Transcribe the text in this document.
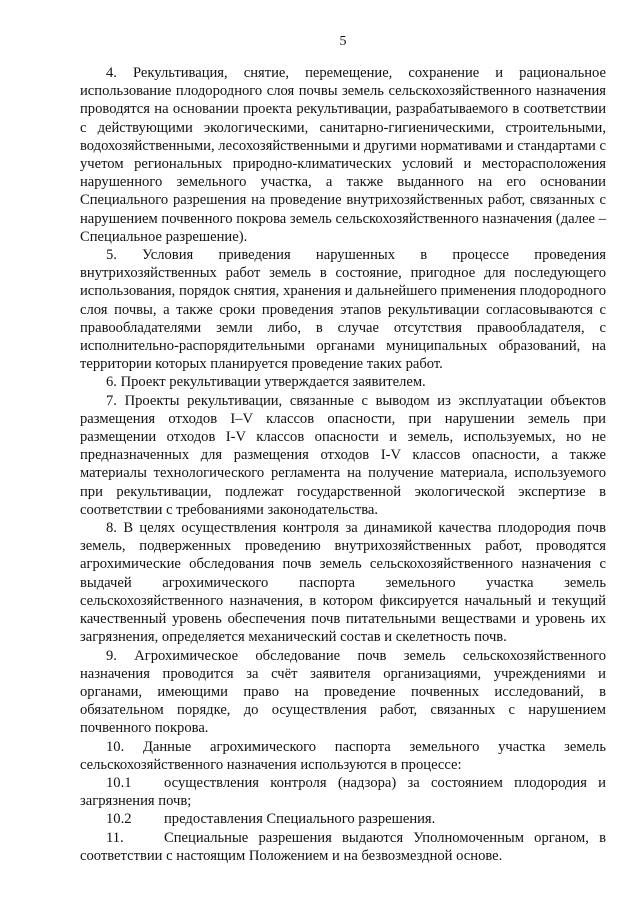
5

4. Рекультивация, снятие, перемещение, сохранение и рациональное использование плодородного слоя почвы земель сельскохозяйственного назначения проводятся на основании проекта рекультивации, разрабатываемого в соответствии с действующими экологическими, санитарно-гигиеническими, строительными, водохозяйственными, лесохозяйственными и другими нормативами и стандартами с учетом региональных природно-климатических условий и месторасположения нарушенного земельного участка, а также выданного на его основании Специального разрешения на проведение внутрихозяйственных работ, связанных с нарушением почвенного покрова земель сельскохозяйственного назначения (далее – Специальное разрешение).

5. Условия приведения нарушенных в процессе проведения внутрихозяйственных работ земель в состояние, пригодное для последующего использования, порядок снятия, хранения и дальнейшего применения плодородного слоя почвы, а также сроки проведения этапов рекультивации согласовываются с правообладателями земли либо, в случае отсутствия правообладателя, с исполнительно-распорядительными органами муниципальных образований, на территории которых планируется проведение таких работ.

6. Проект рекультивации утверждается заявителем.

7. Проекты рекультивации, связанные с выводом из эксплуатации объектов размещения отходов I–V классов опасности, при нарушении земель при размещении отходов I-V классов опасности и земель, используемых, но не предназначенных для размещения отходов I-V классов опасности, а также материалы технологического регламента на получение материала, используемого при рекультивации, подлежат государственной экологической экспертизе в соответствии с требованиями законодательства.

8. В целях осуществления контроля за динамикой качества плодородия почв земель, подверженных проведению внутрихозяйственных работ, проводятся агрохимические обследования почв земель сельскохозяйственного назначения с выдачей агрохимического паспорта земельного участка земель сельскохозяйственного назначения, в котором фиксируется начальный и текущий качественный уровень обеспечения почв питательными веществами и уровень их загрязнения, определяется механический состав и скелетность почв.

9. Агрохимическое обследование почв земель сельскохозяйственного назначения проводится за счёт заявителя организациями, учреждениями и органами, имеющими право на проведение почвенных исследований, в обязательном порядке, до осуществления работ, связанных с нарушением почвенного покрова.

10. Данные агрохимического паспорта земельного участка земель сельскохозяйственного назначения используются в процессе:

10.1 осуществления контроля (надзора) за состоянием плодородия и загрязнения почв;

10.2 предоставления Специального разрешения.

11.	Специальные разрешения выдаются Уполномоченным органом, в соответствии с настоящим Положением и на безвозмездной основе.
